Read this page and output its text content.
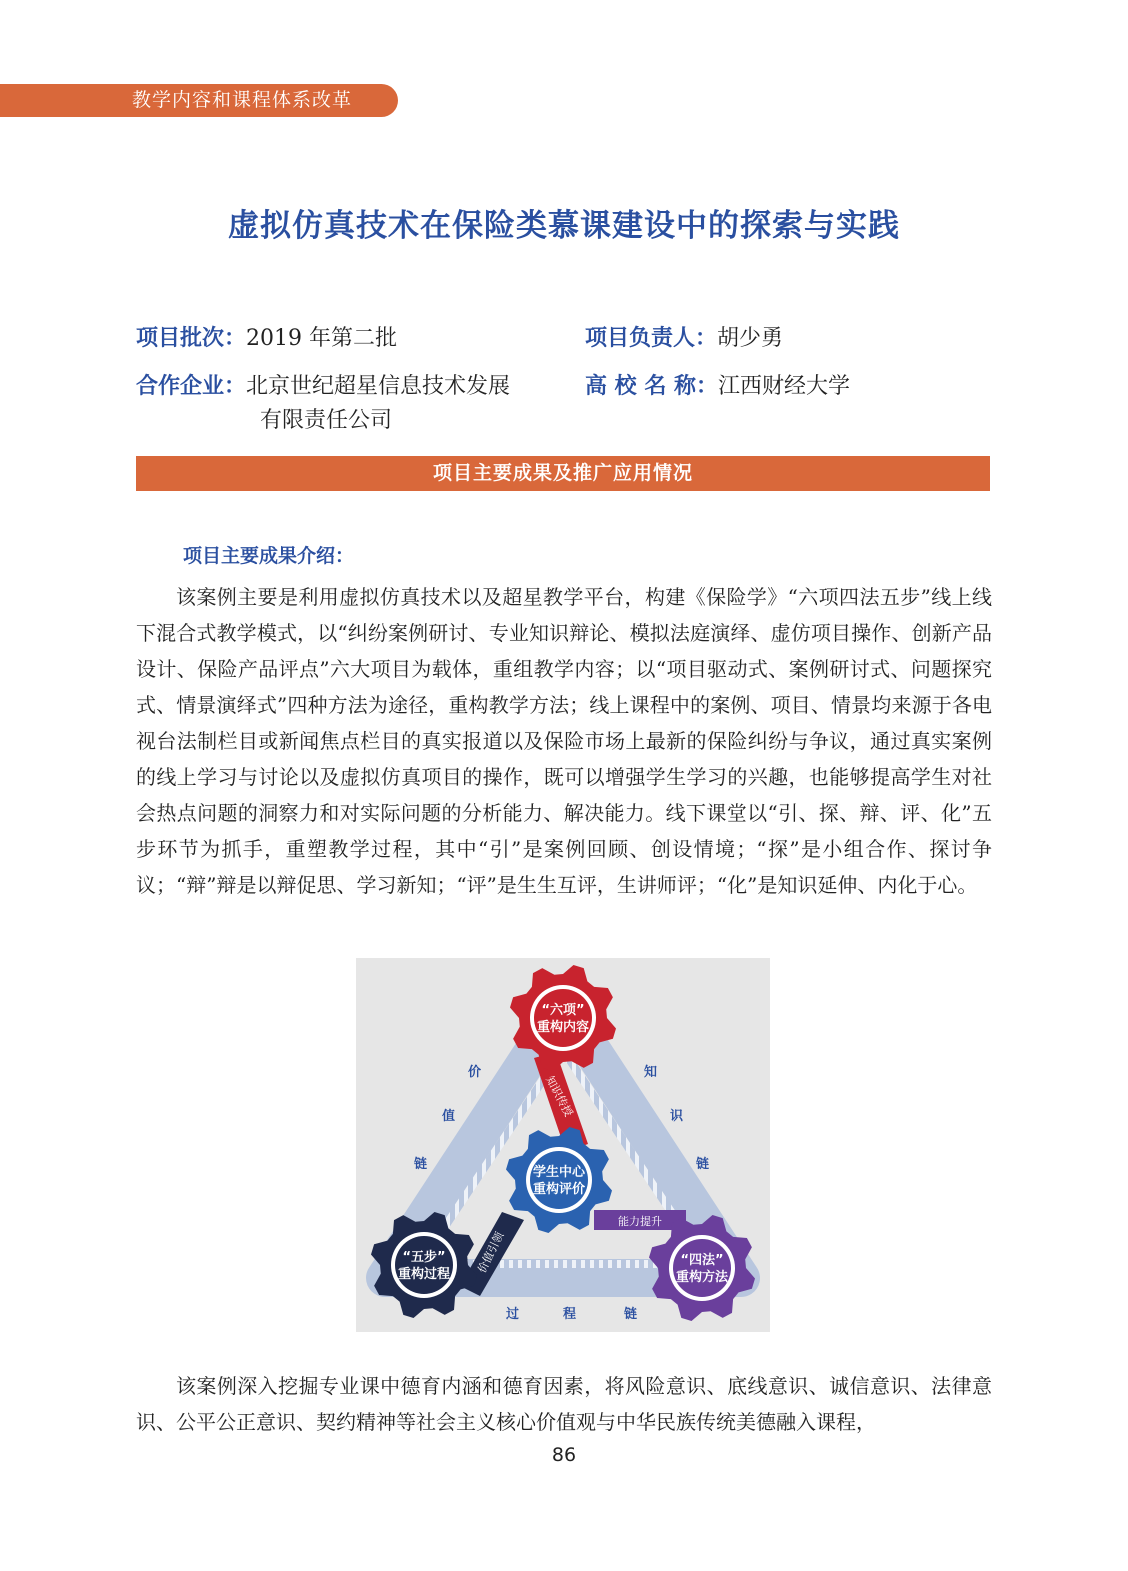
教学内容和课程体系改革
虚拟仿真技术在保险类慕课建设中的探索与实践
项目批次：2019 年第二批	项目负责人：胡少勇
合作企业：北京世纪超星信息技术发展
有限责任公司
高 校 名 称：江西财经大学
项目主要成果及推广应用情况
项目主要成果介绍：
该案例主要是利用虚拟仿真技术以及超星教学平台，构建《保险学》“六项四法五步”线上线下混合式教学模式，以“纠纷案例研讨、专业知识辩论、模拟法庭演绎、虚仿项目操作、创新产品设计、保险产品评点”六大项目为载体，重组教学内容；以“项目驱动式、案例研讨式、问题探究式、情景演绎式”四种方法为途径，重构教学方法；线上课程中的案例、项目、情景均来源于各电视台法制栏目或新闻焦点栏目的真实报道以及保险市场上最新的保险纠纷与争议，通过真实案例的线上学习与讨论以及虚拟仿真项目的操作，既可以增强学生学习的兴趣，也能够提高学生对社会热点问题的洞察力和对实际问题的分析能力、解决能力。线下课堂以“引、探、辩、评、化”五步环节为抓手，重塑教学过程，其中“引”是案例回顾、创设情境；“探”是小组合作、探讨争议；“辩”辩是以辩促思、学习新知；“评”是生生互评，生讲师评；“化”是知识延伸、内化于心。
价
值
链
知
识
链
过	程	链
知识传授
价值引领
能力提升
“六项”
重构内容
学生中心
重构评价
“五步”
重构过程
“四法”
重构方法
该案例深入挖掘专业课中德育内涵和德育因素，将风险意识、底线意识、诚信意识、法律意识、公平公正意识、契约精神等社会主义核心价值观与中华民族传统美德融入课程，
86
